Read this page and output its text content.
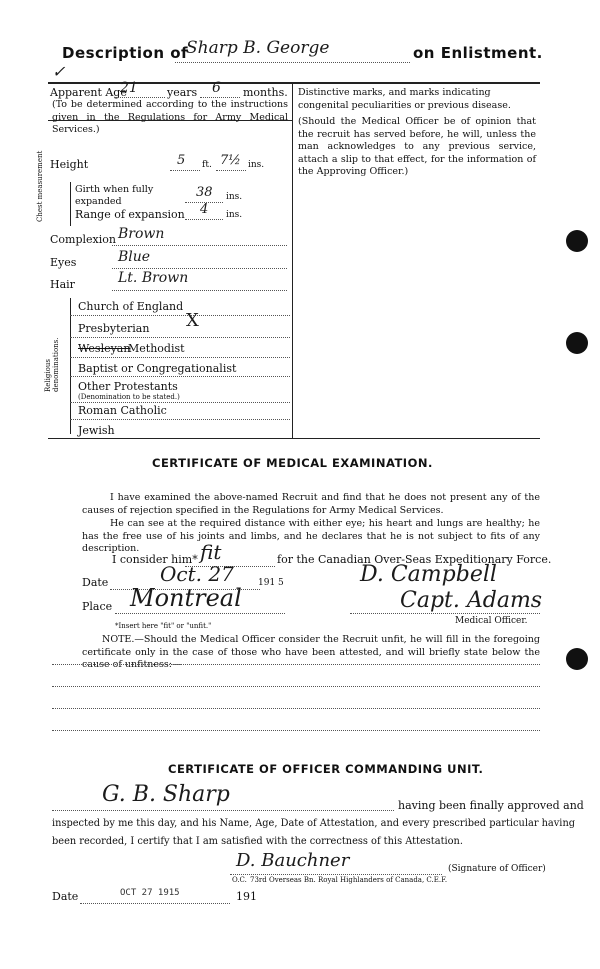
Description of
Sharp B. George	on Enlistment.
✓
Apparent Age
21	years 6 months.
(To be determined according to the instructions given in the Regulations for Army Medical Services.)
Distinctive marks, and marks indicating congenital peculiarities or previous disease.
(Should the Medical Officer be of opinion that the recruit has served before, he will, unless the man acknowledges to any previous service, attach a slip to that effect, for the information of the Approving Officer.)
Height	5 ft. 7½ ins.
Chest measurement	Girth when fully expanded
38 ins.
Range of expansion 4 ins.
Complexion Brown
Eyes	Blue
Hair	Lt. Brown
Religious denominations.
Church of England
Presbyterian X
Wesleyan
Methodist
Baptist or Congregationalist
Other Protestants
(Denomination to be stated.)
Roman Catholic
Jewish
CERTIFICATE OF MEDICAL EXAMINATION.
I have examined the above-named Recruit and find that he does not present any of the causes of rejection specified in the Regulations for Army Medical Services.
He can see at the required distance with either eye; his heart and lungs are healthy; he has the free use of his joints and limbs, and he declares that he is not subject to fits of any description.
I consider him* fit	for the Canadian Over-Seas Expeditionary Force.
Date	Oct. 27	191 5
Place Montreal
D. Campbell
Capt. Adams
Medical Officer.
*Insert here "fit" or "unfit."
NOTE.—Should the Medical Officer consider the Recruit unfit, he will fill in the foregoing certificate only in the case of those who have been attested, and will briefly state below the cause of unfitness:—
CERTIFICATE OF OFFICER COMMANDING UNIT.
G. B. Sharp	having been finally approved and
inspected by me this day, and his Name, Age, Date of Attestation, and every prescribed particular having
been recorded, I certify that I am satisfied with the correctness of this Attestation.
D. Bauchner	(Signature of Officer)
O.C. 73rd Overseas Bn. Royal Highlanders of Canada, C.E.F.
Date	OCT 27 1915	191
